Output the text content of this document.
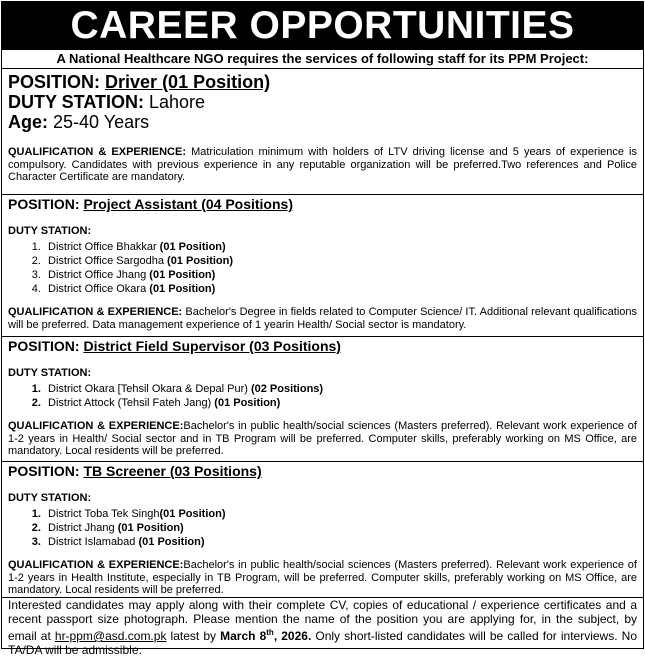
CAREER OPPORTUNITIES
A National Healthcare NGO requires the services of following staff for its PPM Project:
POSITION: Driver (01 Position)
DUTY STATION: Lahore
Age: 25-40 Years
QUALIFICATION & EXPERIENCE: Matriculation minimum with holders of LTV driving license and 5 years of experience is compulsory. Candidates with previous experience in any reputable organization will be preferred.Two references and Police Character Certificate are mandatory.
POSITION: Project Assistant (04 Positions)
DUTY STATION:
1. District Office Bhakkar (01 Position)
2. District Office Sargodha (01 Position)
3. District Office Jhang (01 Position)
4. District Office Okara (01 Position)
QUALIFICATION & EXPERIENCE: Bachelor's Degree in fields related to Computer Science/ IT. Additional relevant qualifications will be preferred. Data management experience of 1 yearin Health/ Social sector is mandatory.
POSITION: District Field Supervisor (03 Positions)
DUTY STATION:
1. District Okara [Tehsil Okara & Depal Pur) (02 Positions)
2. District Attock (Tehsil Fateh Jang) (01 Position)
QUALIFICATION & EXPERIENCE:Bachelor's in public health/social sciences (Masters preferred). Relevant work experience of 1-2 years in Health/ Social sector and in TB Program will be preferred. Computer skills, preferably working on MS Office, are mandatory. Local residents will be preferred.
POSITION: TB Screener (03 Positions)
DUTY STATION:
1. District Toba Tek Singh(01 Position)
2. District Jhang (01 Position)
3. District Islamabad (01 Position)
QUALIFICATION & EXPERIENCE:Bachelor's in public health/social sciences (Masters preferred). Relevant work experience of 1-2 years in Health Institute, especially in TB Program, will be preferred. Computer skills, preferably working on MS Office, are mandatory. Local residents will be preferred.
Interested candidates may apply along with their complete CV, copies of educational / experience certificates and a recent passport size photograph. Please mention the name of the position you are applying for, in the subject, by email at hr-ppm@asd.com.pk latest by March 8th, 2026. Only short-listed candidates will be called for interviews. No TA/DA will be admissible.
